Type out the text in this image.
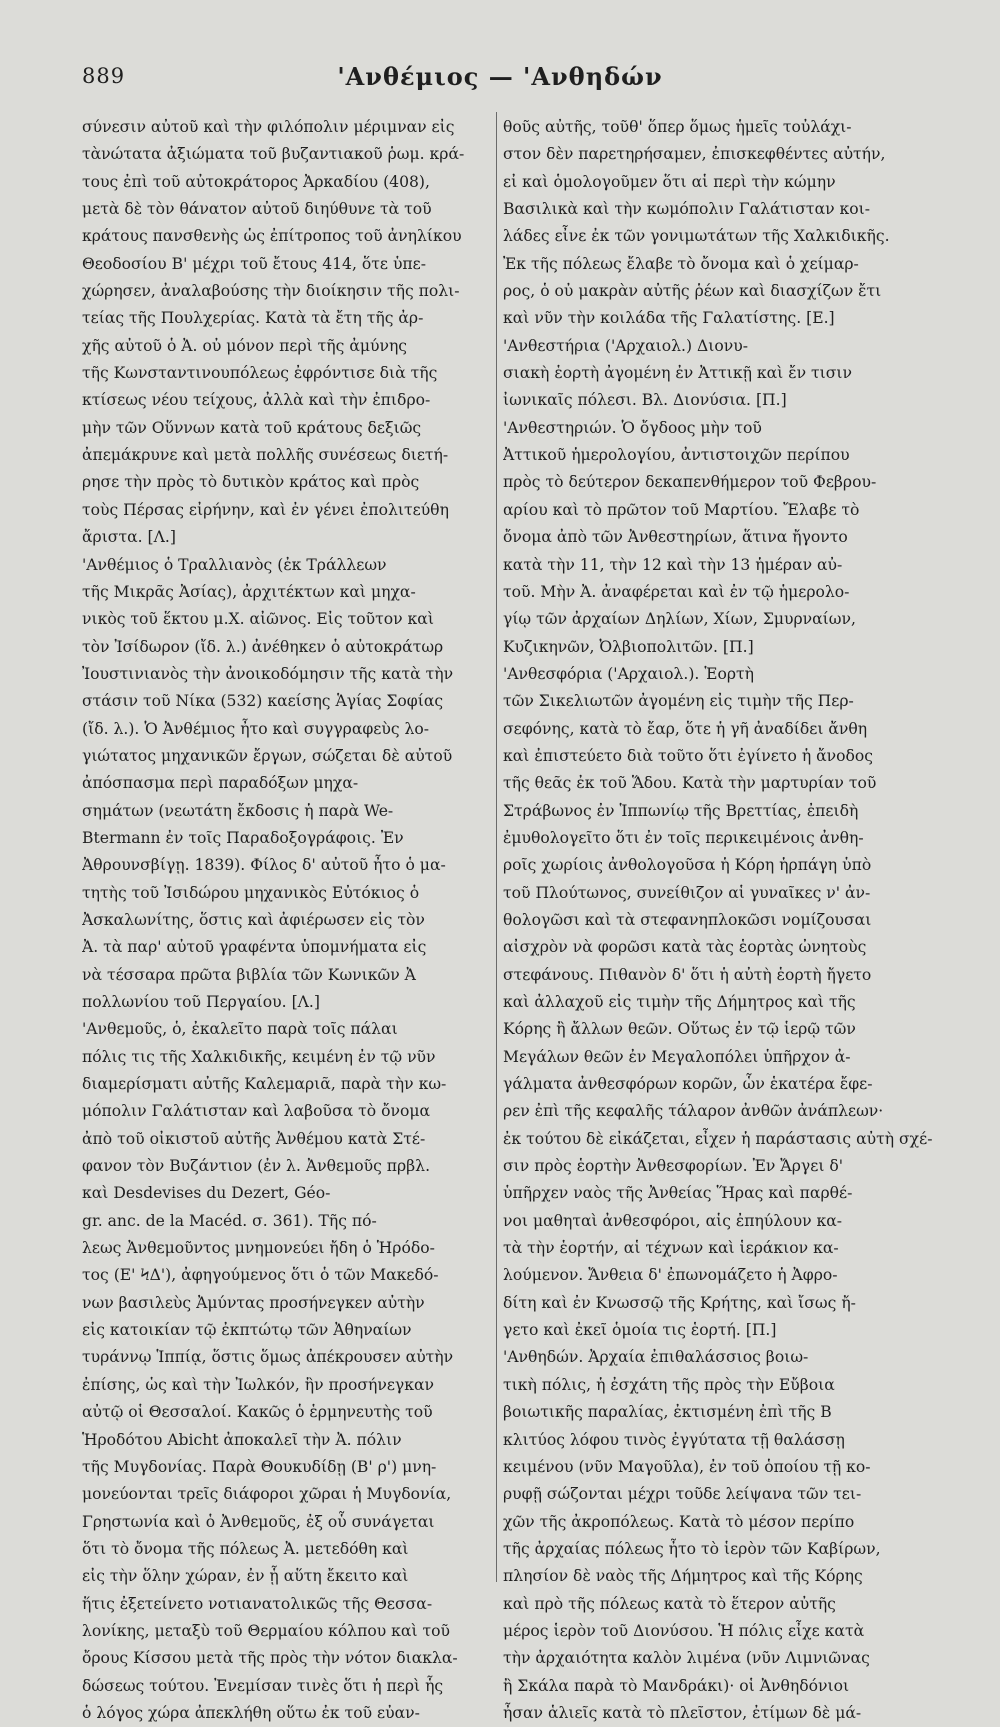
889	'Ανθέμιος — 'Ανθηδών
σύνεσιν αὐτοῦ καὶ τὴν φιλόπολιν μέριμναν εἰς
τὰνώτατα ἀξιώματα τοῦ βυζαντιακοῦ ῥωμ. κρά-
τους ἐπὶ τοῦ αὐτοκράτορος Ἀρκαδίου (408),
μετὰ δὲ τὸν θάνατον αὐτοῦ διηύθυνε τὰ τοῦ
κράτους πανσθενὴς ὡς ἐπίτροπος τοῦ ἀνηλίκου
Θεοδοσίου Β' μέχρι τοῦ ἔτους 414, ὅτε ὑπε-
χώρησεν, ἀναλαβούσης τὴν διοίκησιν τῆς πολι-
τείας τῆς Πουλχερίας. Κατὰ τὰ ἔτη τῆς ἀρ-
χῆς αὐτοῦ ὁ Ἀ. οὐ μόνον περὶ τῆς ἀμύνης
τῆς Κωνσταντινουπόλεως ἐφρόντισε διὰ τῆς
κτίσεως νέου τείχους, ἀλλὰ καὶ τὴν ἐπιδρο-
μὴν τῶν Οὕννων κατὰ τοῦ κράτους δεξιῶς
ἀπεμάκρυνε καὶ μετὰ πολλῆς συνέσεως διετή-
ρησε τὴν πρὸς τὸ δυτικὸν κράτος καὶ πρὸς
τοὺς Πέρσας εἰρήνην, καὶ ἐν γένει ἐπολιτεύθη
ἄριστα. [Λ.]
'Ανθέμιος ὁ Τραλλιανὸς (ἐκ Τράλλεων
τῆς Μικρᾶς Ἀσίας), ἀρχιτέκτων καὶ μηχα-
νικὸς τοῦ ἕκτου μ.Χ. αἰῶνος. Εἰς τοῦτον καὶ
τὸν Ἰσίδωρον (ἴδ. λ.) ἀνέθηκεν ὁ αὐτοκράτωρ
Ἰουστινιανὸς τὴν ἀνοικοδόμησιν τῆς κατὰ τὴν
στάσιν τοῦ Νίκα (532) καείσης Ἁγίας Σοφίας
(ἴδ. λ.). Ὁ Ἀνθέμιος ἦτο καὶ συγγραφεὺς λο-
γιώτατος μηχανικῶν ἔργων, σώζεται δὲ αὐτοῦ
ἀπόσπασμα περὶ παραδόξων μηχα-
σημάτων (νεωτάτη ἔκδοσις ἡ παρὰ We-
Btermann ἐν τοῖς Παραδοξογράφοις. Ἐν
Ἀθρουνσβίγῃ. 1839). Φίλος δ' αὐτοῦ ἦτο ὁ μα-
τητὴς τοῦ Ἰσιδώρου μηχανικὸς Εὐτόκιος ὁ
Ἀσκαλωνίτης, ὅστις καὶ ἀφιέρωσεν εἰς τὸν
Ἀ. τὰ παρ' αὐτοῦ γραφέντα ὑπομνήματα εἰς
νὰ τέσσαρα πρῶτα βιβλία τῶν Κωνικῶν Ἀ
πολλωνίου τοῦ Περγαίου. [Λ.]
'Ανθεμοῦς, ὁ, ἐκαλεῖτο παρὰ τοῖς πάλαι
πόλις τις τῆς Χαλκιδικῆς, κειμένη ἐν τῷ νῦν
διαμερίσματι αὐτῆς Καλεμαριᾶ, παρὰ τὴν κω-
μόπολιν Γαλάτισταν καὶ λαβοῦσα τὸ ὄνομα
ἀπὸ τοῦ οἰκιστοῦ αὐτῆς Ἀνθέμου κατὰ Στέ-
φανον τὸν Βυζάντιον (ἐν λ. Ἀνθεμοῦς πρβλ.
καὶ Desdevises du Dezert, Géo-
gr. anc. de la Macéd. σ. 361). Τῆς πό-
λεως Ἀνθεμοῦντος μνημονεύει ἤδη ὁ Ἡρόδο-
τος (Ε' ϞΔ'), ἀφηγούμενος ὅτι ὁ τῶν Μακεδό-
νων βασιλεὺς Ἀμύντας προσήνεγκεν αὐτὴν
εἰς κατοικίαν τῷ ἐκπτώτῳ τῶν Ἀθηναίων
τυράννῳ Ἱππίᾳ, ὅστις ὅμως ἀπέκρουσεν αὐτὴν
ἐπίσης, ὡς καὶ τὴν Ἰωλκόν, ἣν προσήνεγκαν
αὐτῷ οἱ Θεσσαλοί. Κακῶς ὁ ἑρμηνευτὴς τοῦ
Ἡροδότου Abicht ἀποκαλεῖ τὴν Ἀ. πόλιν
τῆς Μυγδονίας. Παρὰ Θουκυδίδῃ (Β' ρ') μνη-
μονεύονται τρεῖς διάφοροι χῶραι ἡ Μυγδονία,
Γρηστωνία καὶ ὁ Ἀνθεμοῦς, ἐξ οὗ συνάγεται
ὅτι τὸ ὄνομα τῆς πόλεως Ἀ. μετεδόθη καὶ
εἰς τὴν ὅλην χώραν, ἐν ᾗ αὕτη ἔκειτο καὶ
ἥτις ἐξετείνετο νοτιανατολικῶς τῆς Θεσσα-
λονίκης, μεταξὺ τοῦ Θερμαίου κόλπου καὶ τοῦ
ὄρους Κίσσου μετὰ τῆς πρὸς τὴν νότον διακλα-
δώσεως τούτου. Ἐνεμίσαν τινὲς ὅτι ἡ περὶ ἧς
ὁ λόγος χώρα ἀπεκλήθη οὕτω ἐκ τοῦ εὐαν-
θοῦς αὐτῆς, τοῦθ' ὅπερ ὅμως ἡμεῖς τοὐλάχι-
στον δὲν παρετηρήσαμεν, ἐπισκεφθέντες αὐτήν,
εἰ καὶ ὁμολογοῦμεν ὅτι αἱ περὶ τὴν κώμην
Βασιλικὰ καὶ τὴν κωμόπολιν Γαλάτισταν κοι-
λάδες εἶνε ἐκ τῶν γονιμωτάτων τῆς Χαλκιδικῆς.
Ἐκ τῆς πόλεως ἔλαβε τὸ ὄνομα καὶ ὁ χείμαρ-
ρος, ὁ οὐ μακρὰν αὐτῆς ῥέων καὶ διασχίζων ἔτι
καὶ νῦν τὴν κοιλάδα τῆς Γαλατίστης. [Ε.]
'Ανθεστήρια ('Αρχαιολ.) Διονυ-
σιακὴ ἑορτὴ ἀγομένη ἐν Ἀττικῇ καὶ ἔν τισιν
ἰωνικαῖς πόλεσι. Βλ. Διονύσια. [Π.]
'Ανθεστηριών. Ὁ ὄγδοος μὴν τοῦ
Ἀττικοῦ ἡμερολογίου, ἀντιστοιχῶν περίπου
πρὸς τὸ δεύτερον δεκαπενθήμερον τοῦ Φεβρου-
αρίου καὶ τὸ πρῶτον τοῦ Μαρτίου. Ἔλαβε τὸ
ὄνομα ἀπὸ τῶν Ἀνθεστηρίων, ἅτινα ἤγοντο
κατὰ τὴν 11, τὴν 12 καὶ τὴν 13 ἡμέραν αὐ-
τοῦ. Μὴν Ἀ. ἀναφέρεται καὶ ἐν τῷ ἡμερολο-
γίῳ τῶν ἀρχαίων Δηλίων, Χίων, Σμυρναίων,
Κυζικηνῶν, Ὀλβιοπολιτῶν. [Π.]
'Ανθεσφόρια ('Αρχαιολ.). Ἑορτὴ
τῶν Σικελιωτῶν ἀγομένη εἰς τιμὴν τῆς Περ-
σεφόνης, κατὰ τὸ ἔαρ, ὅτε ἡ γῆ ἀναδίδει ἄνθη
καὶ ἐπιστεύετο διὰ τοῦτο ὅτι ἐγίνετο ἡ ἄνοδος
τῆς θεᾶς ἐκ τοῦ Ἅδου. Κατὰ τὴν μαρτυρίαν τοῦ
Στράβωνος ἐν Ἱππωνίῳ τῆς Βρεττίας, ἐπειδὴ
ἐμυθολογεῖτο ὅτι ἐν τοῖς περικειμένοις ἀνθη-
ροῖς χωρίοις ἀνθολογοῦσα ἡ Κόρη ἡρπάγη ὑπὸ
τοῦ Πλούτωνος, συνείθιζον αἱ γυναῖκες ν' ἀν-
θολογῶσι καὶ τὰ στεφανηπλοκῶσι νομίζουσαι
αἰσχρὸν νὰ φορῶσι κατὰ τὰς ἑορτὰς ὠνητοὺς
στεφάνους. Πιθανὸν δ' ὅτι ἡ αὐτὴ ἑορτὴ ἤγετο
καὶ ἀλλαχοῦ εἰς τιμὴν τῆς Δήμητρος καὶ τῆς
Κόρης ἢ ἄλλων θεῶν. Οὕτως ἐν τῷ ἱερῷ τῶν
Μεγάλων θεῶν ἐν Μεγαλοπόλει ὑπῆρχον ἀ-
γάλματα ἀνθεσφόρων κορῶν, ὧν ἑκατέρα ἔφε-
ρεν ἐπὶ τῆς κεφαλῆς τάλαρον ἀνθῶν ἀνάπλεων·
ἐκ τούτου δὲ εἰκάζεται, εἶχεν ἡ παράστασις αὐτὴ σχέ-
σιν πρὸς ἑορτὴν Ἀνθεσφορίων. Ἐν Ἄργει δ'
ὑπῆρχεν ναὸς τῆς Ἀνθείας Ἥρας καὶ παρθέ-
νοι μαθηταὶ ἀνθεσφόροι, αἱς ἐπηύλουν κα-
τὰ τὴν ἑορτήν, αἱ τέχνων καὶ ἱεράκιον κα-
λούμενον. Ἄνθεια δ' ἐπωνομάζετο ἡ Ἀφρο-
δίτη καὶ ἐν Κνωσσῷ τῆς Κρήτης, καὶ ἴσως ἤ-
γετο καὶ ἐκεῖ ὁμοία τις ἑορτή. [Π.]
'Ανθηδών. Ἀρχαία ἐπιθαλάσσιος βοιω-
τικὴ πόλις, ἡ ἐσχάτη τῆς πρὸς τὴν Εὔβοια
βοιωτικῆς παραλίας, ἐκτισμένη ἐπὶ τῆς Β
κλιτύος λόφου τινὸς ἐγγύτατα τῇ θαλάσσῃ
κειμένου (νῦν Μαγοῦλα), ἐν τοῦ ὁποίου τῇ κο-
ρυφῇ σώζονται μέχρι τοῦδε λείψανα τῶν τει-
χῶν τῆς ἀκροπόλεως. Κατὰ τὸ μέσον περίπο
τῆς ἀρχαίας πόλεως ἦτο τὸ ἱερὸν τῶν Καβίρων,
πλησίον δὲ ναὸς τῆς Δήμητρος καὶ τῆς Κόρης
καὶ πρὸ τῆς πόλεως κατὰ τὸ ἕτερον αὐτῆς
μέρος ἱερὸν τοῦ Διονύσου. Ἡ πόλις εἶχε κατὰ
τὴν ἀρχαιότητα καλὸν λιμένα (νῦν Λιμνιῶνας
ἢ Σκάλα παρὰ τὸ Μανδράκι)· οἱ Ἀνθηδόνιοι
ἦσαν ἁλιεῖς κατὰ τὸ πλεῖστον, ἐτίμων δὲ μά-
